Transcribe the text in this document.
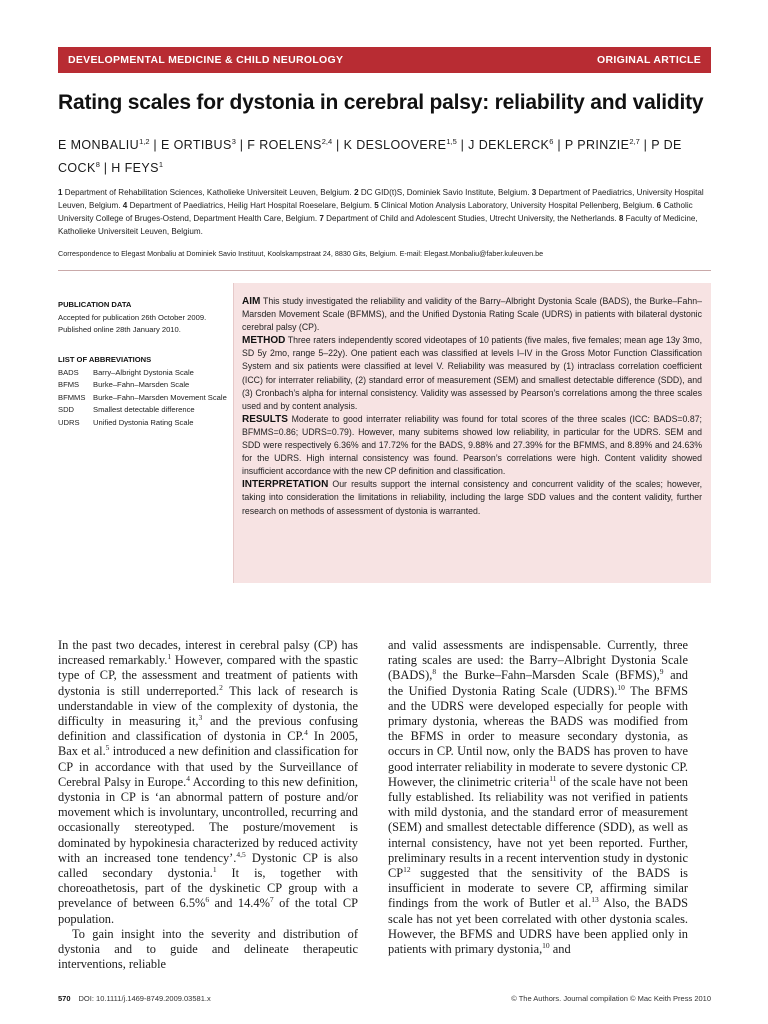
DEVELOPMENTAL MEDICINE & CHILD NEUROLOGY	ORIGINAL ARTICLE
Rating scales for dystonia in cerebral palsy: reliability and validity
E MONBALIU$^{1,2}$ | E ORTIBUS$^3$ | F ROELENS$^{2,4}$ | K DESLOOVERE$^{1,5}$ | J DEKLERCK$^6$ | P PRINZIE$^{2,7}$ | P DE COCK$^8$ | H FEYS$^1$
1 Department of Rehabilitation Sciences, Katholieke Universiteit Leuven, Belgium. 2 DC GID(t)S, Dominiek Savio Institute, Belgium. 3 Department of Paediatrics, University Hospital Leuven, Belgium. 4 Department of Paediatrics, Heilig Hart Hospital Roeselare, Belgium. 5 Clinical Motion Analysis Laboratory, University Hospital Pellenberg, Belgium. 6 Catholic University College of Bruges-Ostend, Department Health Care, Belgium. 7 Department of Child and Adolescent Studies, Utrecht University, the Netherlands. 8 Faculty of Medicine, Katholieke Universiteit Leuven, Belgium.
Correspondence to Elegast Monbaliu at Dominiek Savio Instituut, Koolskampstraat 24, 8830 Gits, Belgium. E-mail: Elegast.Monbaliu@faber.kuleuven.be
PUBLICATION DATA
Accepted for publication 26th October 2009.
Published online 28th January 2010.
LIST OF ABBREVIATIONS
BADS	Barry–Albright Dystonia Scale
BFMS	Burke–Fahn–Marsden Scale
BFMMS Burke–Fahn–Marsden Movement Scale
SDD	Smallest detectable difference
UDRS	Unified Dystonia Rating Scale

AIM This study investigated the reliability and validity of the Barry–Albright Dystonia Scale (BADS), the Burke–Fahn–Marsden Movement Scale (BFMMS), and the Unified Dystonia Rating Scale (UDRS) in patients with bilateral dystonic cerebral palsy (CP).

METHOD Three raters independently scored videotapes of 10 patients (five males, five females; mean age 13y 3mo, SD 5y 2mo, range 5–22y). One patient each was classified at levels I–IV in the Gross Motor Function Classification System and six patients were classified at level V. Reliability was measured by (1) intraclass correlation coefficient (ICC) for interrater reliability, (2) standard error of measurement (SEM) and smallest detectable difference (SDD), and (3) Cronbach’s alpha for internal consistency. Validity was assessed by Pearson’s correlations among the three scales used and by content analysis.

RESULTS Moderate to good interrater reliability was found for total scores of the three scales (ICC: BADS=0.87; BFMMS=0.86; UDRS=0.79). However, many subitems showed low reliability, in particular for the UDRS. SEM and SDD were respectively 6.36% and 17.72% for the BADS, 9.88% and 27.39% for the BFMMS, and 8.89% and 24.63% for the UDRS. High internal consistency was found. Pearson’s correlations were high. Content validity showed insufficient accordance with the new CP definition and classification.

INTERPRETATION Our results support the internal consistency and concurrent validity of the scales; however, taking into consideration the limitations in reliability, including the large SDD values and the content validity, further research on methods of assessment of dystonia is warranted.

In the past two decades, interest in cerebral palsy (CP) has increased remarkably.$^1$ However, compared with the spastic type of CP, the assessment and treatment of patients with dystonia is still underreported.$^2$ This lack of research is understandable in view of the complexity of dystonia, the difficulty in measuring it,$^3$ and the previous confusing definition and classification of dystonia in CP.$^4$ In 2005, Bax et al.$^5$ introduced a new definition and classification for CP in accordance with that used by the Surveillance of Cerebral Palsy in Europe.$^4$ According to this new definition, dystonia in CP is ‘an abnormal pattern of posture and/or movement which is involuntary, uncontrolled, recurring and occasionally stereotyped. The posture/movement is dominated by hypokinesia characterized by reduced activity with an increased tone tendency’.$^{4,5}$ Dystonic CP is also called secondary dystonia.$^1$ It is, together with choreoathetosis, part of the dyskinetic CP group with a prevelance of between 6.5%$^6$ and 14.4%$^7$ of the total CP population.

To gain insight into the severity and distribution of dystonia and to guide and delineate therapeutic interventions, reliable

and valid assessments are indispensable. Currently, three rating scales are used: the Barry–Albright Dystonia Scale (BADS),$^8$ the Burke–Fahn–Marsden Scale (BFMS),$^9$ and the Unified Dystonia Rating Scale (UDRS).$^{10}$ The BFMS and the UDRS were developed especially for people with primary dystonia, whereas the BADS was modified from the BFMS in order to measure secondary dystonia, as occurs in CP. Until now, only the BADS has proven to have good interrater reliability in moderate to severe dystonic CP. However, the clinimetric criteria$^{11}$ of the scale have not been fully established. Its reliability was not verified in patients with mild dystonia, and the standard error of measurement (SEM) and smallest detectable difference (SDD), as well as internal consistency, have not yet been reported. Further, preliminary results in a recent intervention study in dystonic CP$^{12}$ suggested that the sensitivity of the BADS is insufficient in moderate to severe CP, affirming similar findings from the work of Butler et al.$^{13}$ Also, the BADS scale has not yet been correlated with other dystonia scales. However, the BFMS and UDRS have been applied only in patients with primary dystonia,$^{10}$ and

570 DOI: 10.1111/j.1469-8749.2009.03581.x	© The Authors. Journal compilation © Mac Keith Press 2010
